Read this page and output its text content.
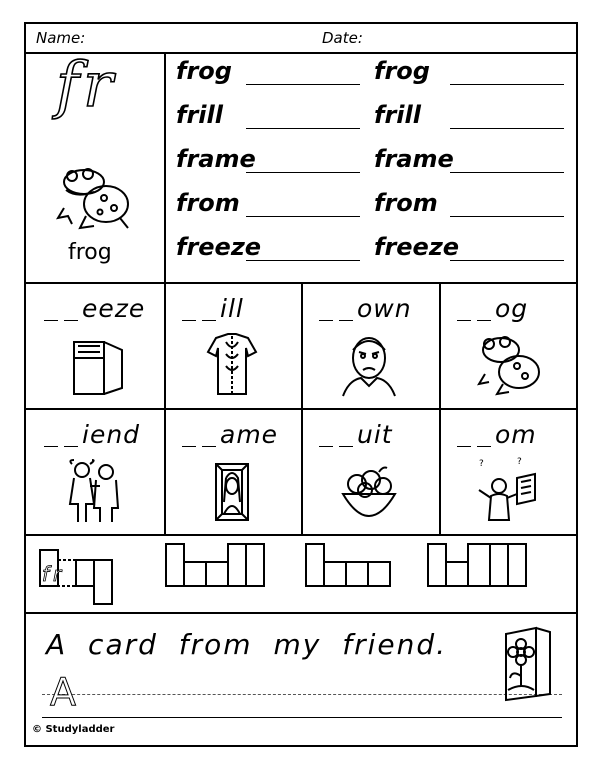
Name:	Date:
fr
frog
frog	frog
frill	frill
frame	frame
from	from
freeze	freeze
eeze	ill	own	og
iend	ame	uit	om
?	?
fr
A card from my friend.
A
© Studyladder
